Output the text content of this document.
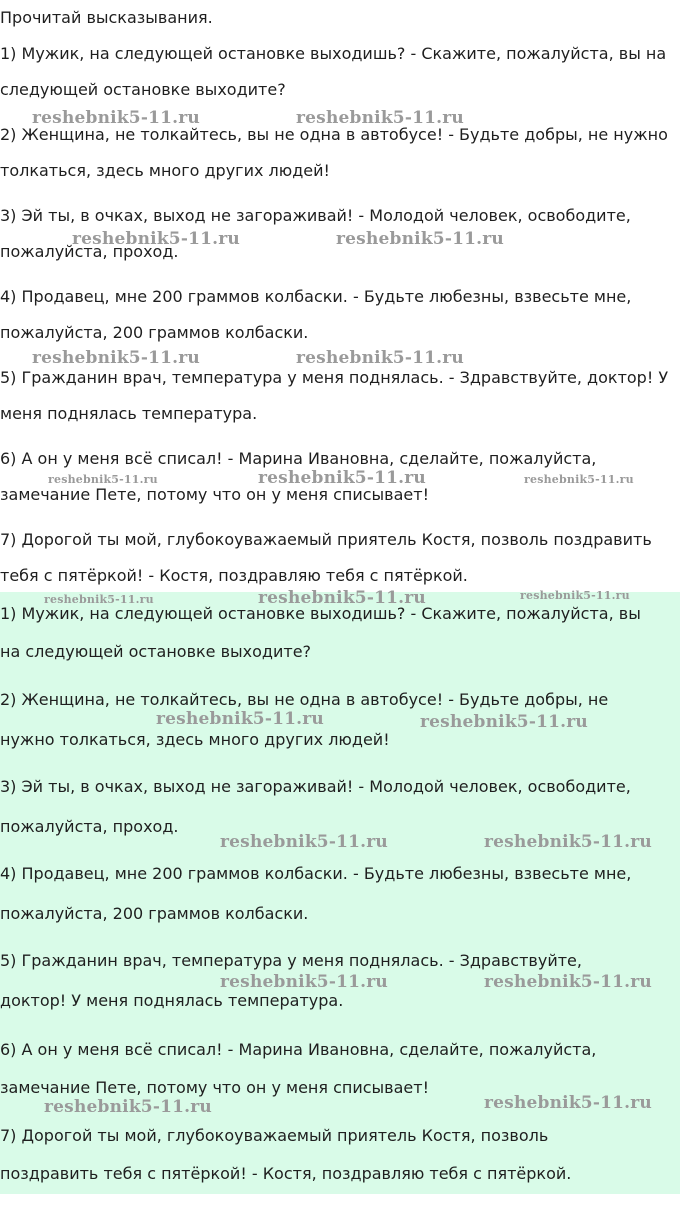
Прочитай высказывания.

1) Мужик, на следующей остановке выходишь? - Скажите, пожалуйста, вы на

следующей остановке выходите?

2) Женщина, не толкайтесь, вы не одна в автобусе! - Будьте добры, не нужно

толкаться, здесь много других людей!

3) Эй ты, в очках, выход не загораживай! - Молодой человек, освободите,

пожалуйста, проход.

4) Продавец, мне 200 граммов колбаски. - Будьте любезны, взвесьте мне,

пожалуйста, 200 граммов колбаски.

5) Гражданин врач, температура у меня поднялась. - Здравствуйте, доктор! У

меня поднялась температура.

6) А он у меня всё списал! - Марина Ивановна, сделайте, пожалуйста,

замечание Пете, потому что он у меня списывает!

7) Дорогой ты мой, глубокоуважаемый приятель Костя, позволь поздравить

тебя с пятёркой! - Костя, поздравляю тебя с пятёркой.

1) Мужик, на следующей остановке выходишь? - Скажите, пожалуйста, вы

на следующей остановке выходите?

2) Женщина, не толкайтесь, вы не одна в автобусе! - Будьте добры, не

нужно толкаться, здесь много других людей!

3) Эй ты, в очках, выход не загораживай! - Молодой человек, освободите,

пожалуйста, проход.

4) Продавец, мне 200 граммов колбаски. - Будьте любезны, взвесьте мне,

пожалуйста, 200 граммов колбаски.

5) Гражданин врач, температура у меня поднялась. - Здравствуйте,

доктор! У меня поднялась температура.

6) А он у меня всё списал! - Марина Ивановна, сделайте, пожалуйста,

замечание Пете, потому что он у меня списывает!

7) Дорогой ты мой, глубокоуважаемый приятель Костя, позволь

поздравить тебя с пятёркой! - Костя, поздравляю тебя с пятёркой.

reshebnik5-11.ru	reshebnik5-11.ru
reshebnik5-11.ru	reshebnik5-11.ru
reshebnik5-11.ru	reshebnik5-11.ru
reshebnik5-11.ru	reshebnik5-11.ru	reshebnik5-11.ru
reshebnik5-11.ru	reshebnik5-11.ru	reshebnik5-11.ru
reshebnik5-11.ru	reshebnik5-11.ru
reshebnik5-11.ru	reshebnik5-11.ru
reshebnik5-11.ru	reshebnik5-11.ru
reshebnik5-11.ru	reshebnik5-11.ru
